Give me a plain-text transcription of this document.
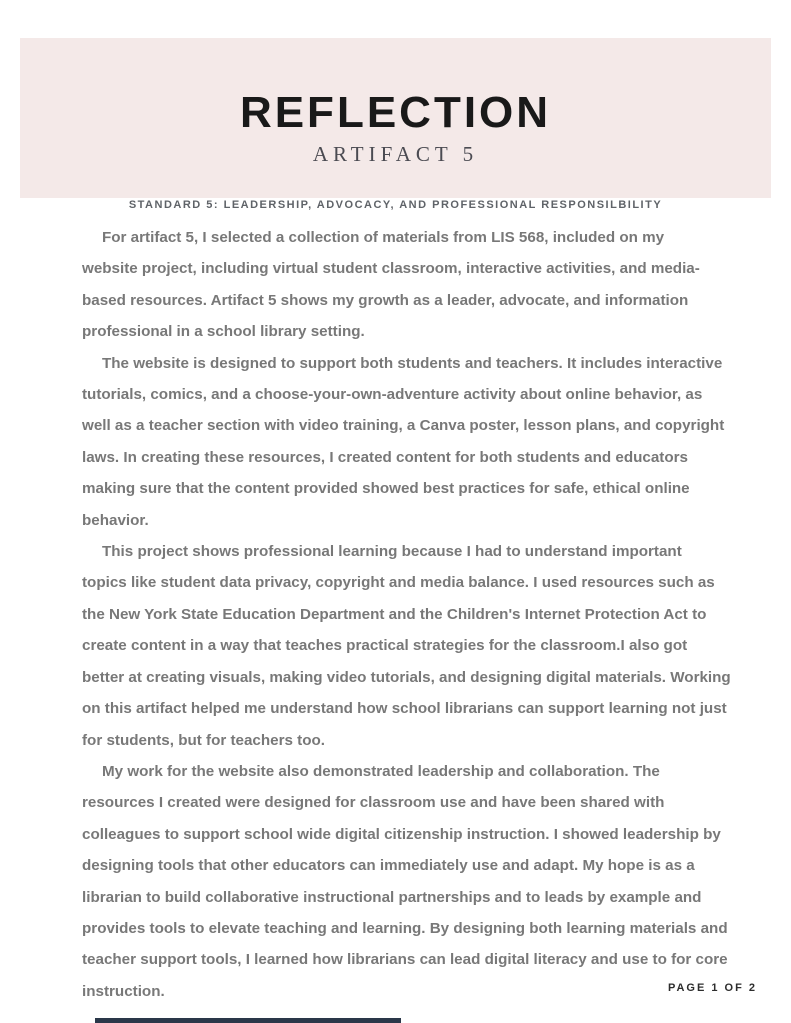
REFLECTION
ARTIFACT 5
STANDARD 5: LEADERSHIP, ADVOCACY, AND PROFESSIONAL RESPONSILBILITY
For artifact 5, I selected a collection of materials from LIS 568, included on my
website project, including virtual student classroom, interactive activities, and media-
based resources. Artifact 5 shows my growth as a leader, advocate, and information
professional in a school library setting.
The website is designed to support both students and teachers. It includes interactive
tutorials, comics, and a choose-your-own-adventure activity about online behavior, as
well as a teacher section with video training, a Canva poster, lesson plans, and copyright
laws. In creating these resources, I created content for both students and educators
making sure that the content provided showed best practices for safe, ethical online
behavior.
This project shows professional learning because I had to understand important
topics like student data privacy, copyright and media balance. I used resources such as
the New York State Education Department and the Children's Internet Protection Act to
create content in a way that teaches practical strategies for the classroom.I also got
better at creating visuals, making video tutorials, and designing digital materials. Working
on this artifact helped me understand how school librarians can support learning not just
for students, but for teachers too.
My work for the website also demonstrated leadership and collaboration. The
resources I created were designed for classroom use and have been shared with
colleagues to support school wide digital citizenship instruction. I showed leadership by
designing tools that other educators can immediately use and adapt. My hope is as a
librarian to build collaborative instructional partnerships and to leads by example and
provides tools to elevate teaching and learning. By designing both learning materials and
teacher support tools, I learned how librarians can lead digital literacy and use to for core
instruction.	PAGE 1 OF 2
